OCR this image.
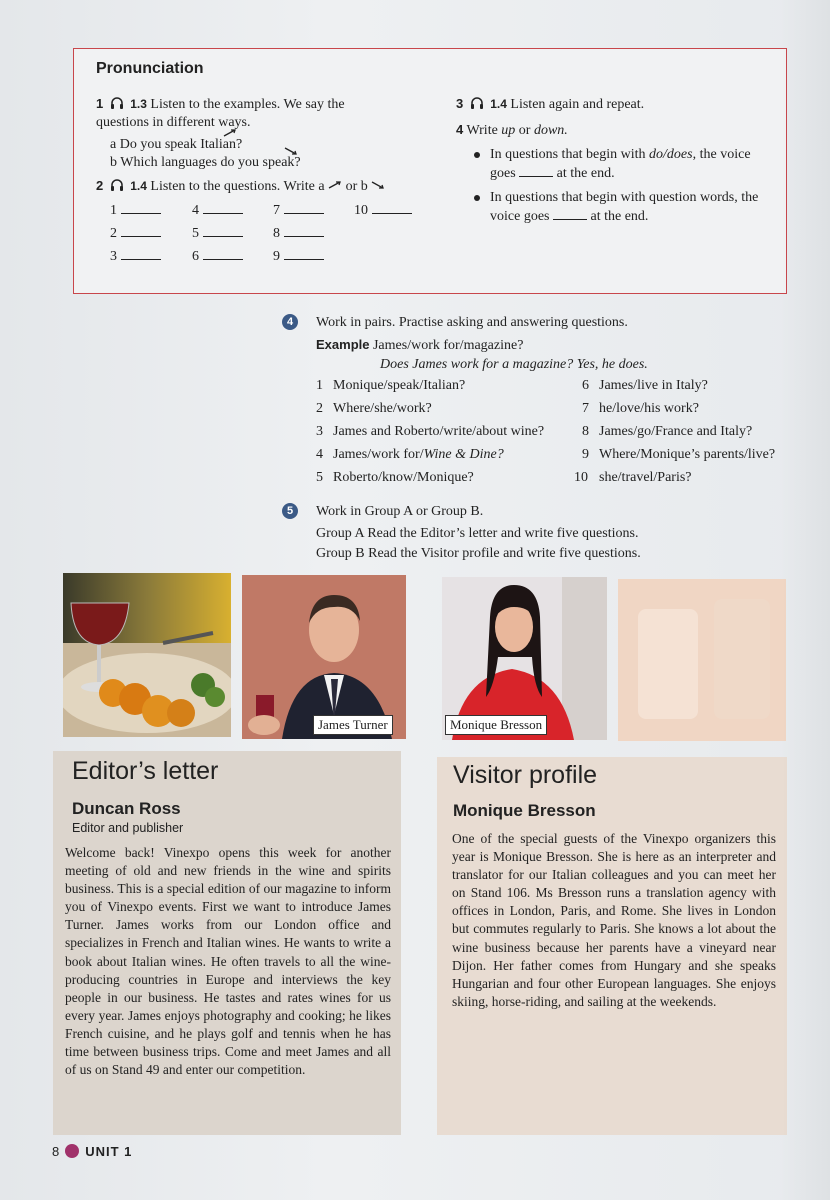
Pronunciation
1 1.3 Listen to the examples. We say the questions in different ways.
a Do you speak Italian?
b Which languages do you speak?
2 1.4 Listen to the questions. Write a or b
1
2
3
4
5
6
7
8
9
10
3 1.4 Listen again and repeat.
4 Write up or down.
In questions that begin with do/does, the voice goes	at the end.
In questions that begin with question words, the voice goes	at the end.
4	Work in pairs. Practise asking and answering questions.
Example James/work for/magazine?
Does James work for a magazine? Yes, he does.
1 Monique/speak/Italian?
2 Where/she/work?
3 James and Roberto/write/about wine?
4 James/work for/Wine & Dine?
5 Roberto/know/Monique?
6 James/live in Italy?
7 he/love/his work?
8 James/go/France and Italy?
9 Where/Monique’s parents/live?
10 she/travel/Paris?
5	Work in Group A or Group B.
Group A Read the Editor’s letter and write five questions.
Group B Read the Visitor profile and write five questions.
James Turner	Monique Bresson
Editor’s letter
Duncan Ross
Editor and publisher
Welcome back! Vinexpo opens this week for another meeting of old and new friends in the wine and spirits business. This is a special edition of our magazine to inform you of Vinexpo events. First we want to introduce James Turner. James works from our London office and specializes in French and Italian wines. He wants to write a book about Italian wines. He often travels to all the wine-producing countries in Europe and interviews the key people in our business. He tastes and rates wines for us every year. James enjoys photography and cooking; he likes French cuisine, and he plays golf and tennis when he has time between business trips. Come and meet James and all of us on Stand 49 and enter our competition.
Visitor profile
Monique Bresson
One of the special guests of the Vinexpo organizers this year is Monique Bresson. She is here as an interpreter and translator for our Italian colleagues and you can meet her on Stand 106. Ms Bresson runs a translation agency with offices in London, Paris, and Rome. She lives in London but commutes regularly to Paris. She knows a lot about the wine business because her parents have a vineyard near Dijon. Her father comes from Hungary and she speaks Hungarian and four other European languages. She enjoys skiing, horse-riding, and sailing at the weekends.
8 UNIT 1
